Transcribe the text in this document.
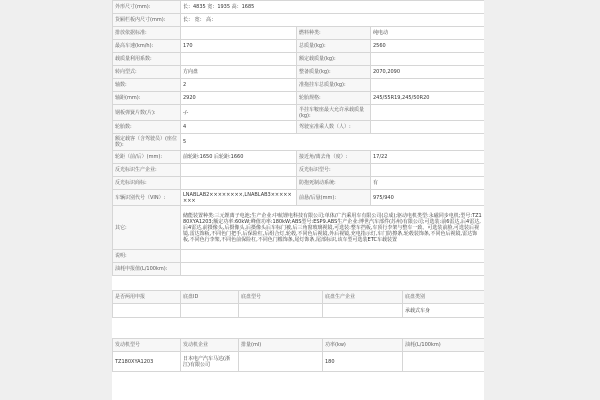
外形尺寸(mm):	长：4835 宽：1935 高：1685		
货厢栏板内尺寸(mm):	长： 宽： 高：		
排放依据标准:		燃料种类:	纯电动
最高车速(km/h):	170	总质量(kg):	2560
载质量利用系数:		额定载质量(kg):	
转向型式:	方向盘	整备质量(kg):	2070,2090
轴数:	2	准拖挂车总质量(kg):	
轴距(mm):	2920	轮胎规格:	245/55R19,245/50R20
钢板弹簧片数(片):	-/-	半挂车鞍座最大允许承载质量(kg):	
轮胎数:	4	驾驶室准乘人数（人）:	
额定载客（含驾驶员）(座位数):	5		
轮距（前/后）(mm):	前轮距:1650 后轮距:1660	接近角/离去角（度）:	17/22
反光标识生产企业:		反光标识型号:	
反光标识商标:		防抱死制动系统:	有
车辆识别代号（VIN）:	LNABLAB2××××××××,LNABLAB3××××××××	前悬/后悬(mm):	975/940
其它:	储能装置种类:三元锂离子电池;生产企业:中航锂电科技有限公司;单体/广汽乘用车有限公司(总成);驱动电机类型:永磁同步电机;型号:TZ180XYA1203;额定功率:60kW;峰值功率:180kW;ABS型号:ESP9.ABS生产企业:博世汽车部件(苏州)有限公司;可选装:前6雷达,后4雷达,后4雷达,前摄像头,后摄像头,后摄像头后车标门被,后三角窗玻璃视镜,可选装:整车挡板,车顶行李架与整车一致、可选装前脸,可选装后视镜,雷达饰板,不同色门把手,后保险杠,后组合灯,轮毂,不同色后视镜,外后视镜,充电指示灯,车门防擦条,轮毂装饰条,不同色后视镜,雷达饰板,不同色行李架,不同色前保险杠,不同色门槛饰条,尾灯饰条,尾部标识,该车型可选装ETC车载装置		
说明:			
油耗申报值(L/100km):			
是否两用申报	底盘ID	底盘型号	底盘生产企业	底盘类别
				承载式车身
发动机型号	发动机企业	排量(ml)	功率(kw)	油耗(L/100km)
TZ180XYA1203	日本电产汽车马达(浙江)有限公司		180	
